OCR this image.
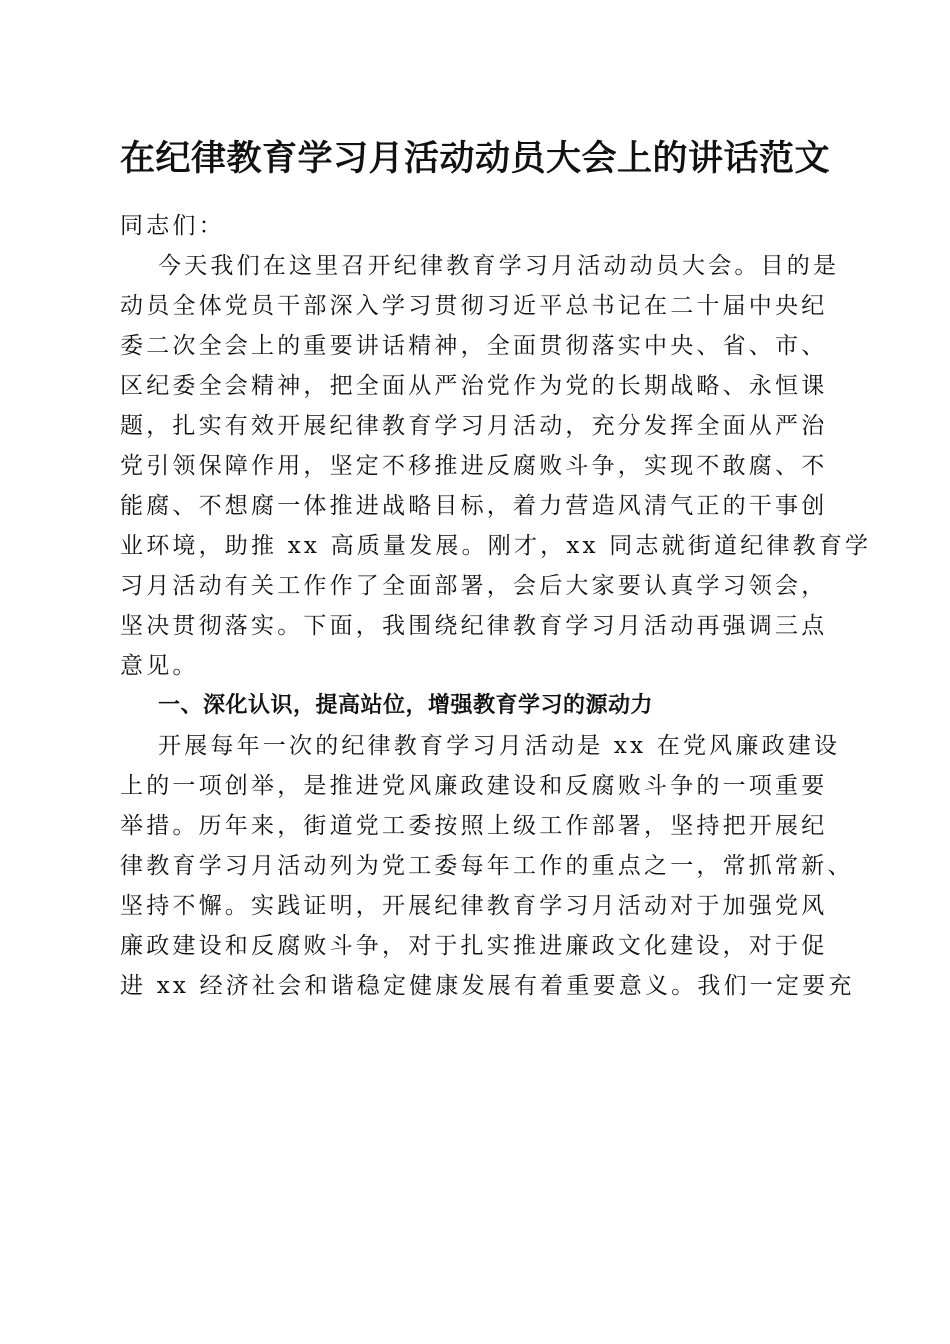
在纪律教育学习月活动动员大会上的讲话范文
同志们：
今天我们在这里召开纪律教育学习月活动动员大会。目的是
动员全体党员干部深入学习贯彻习近平总书记在二十届中央纪
委二次全会上的重要讲话精神，全面贯彻落实中央、省、市、
区纪委全会精神，把全面从严治党作为党的长期战略、永恒课
题，扎实有效开展纪律教育学习月活动，充分发挥全面从严治
党引领保障作用，坚定不移推进反腐败斗争，实现不敢腐、不
能腐、不想腐一体推进战略目标，着力营造风清气正的干事创
业环境，助推 xx 高质量发展。刚才，xx 同志就街道纪律教育学
习月活动有关工作作了全面部署，会后大家要认真学习领会，
坚决贯彻落实。下面，我围绕纪律教育学习月活动再强调三点
意见。
一、深化认识，提高站位，增强教育学习的源动力
开展每年一次的纪律教育学习月活动是 xx 在党风廉政建设
上的一项创举，是推进党风廉政建设和反腐败斗争的一项重要
举措。历年来，街道党工委按照上级工作部署，坚持把开展纪
律教育学习月活动列为党工委每年工作的重点之一，常抓常新、
坚持不懈。实践证明，开展纪律教育学习月活动对于加强党风
廉政建设和反腐败斗争，对于扎实推进廉政文化建设，对于促
进 xx 经济社会和谐稳定健康发展有着重要意义。我们一定要充
